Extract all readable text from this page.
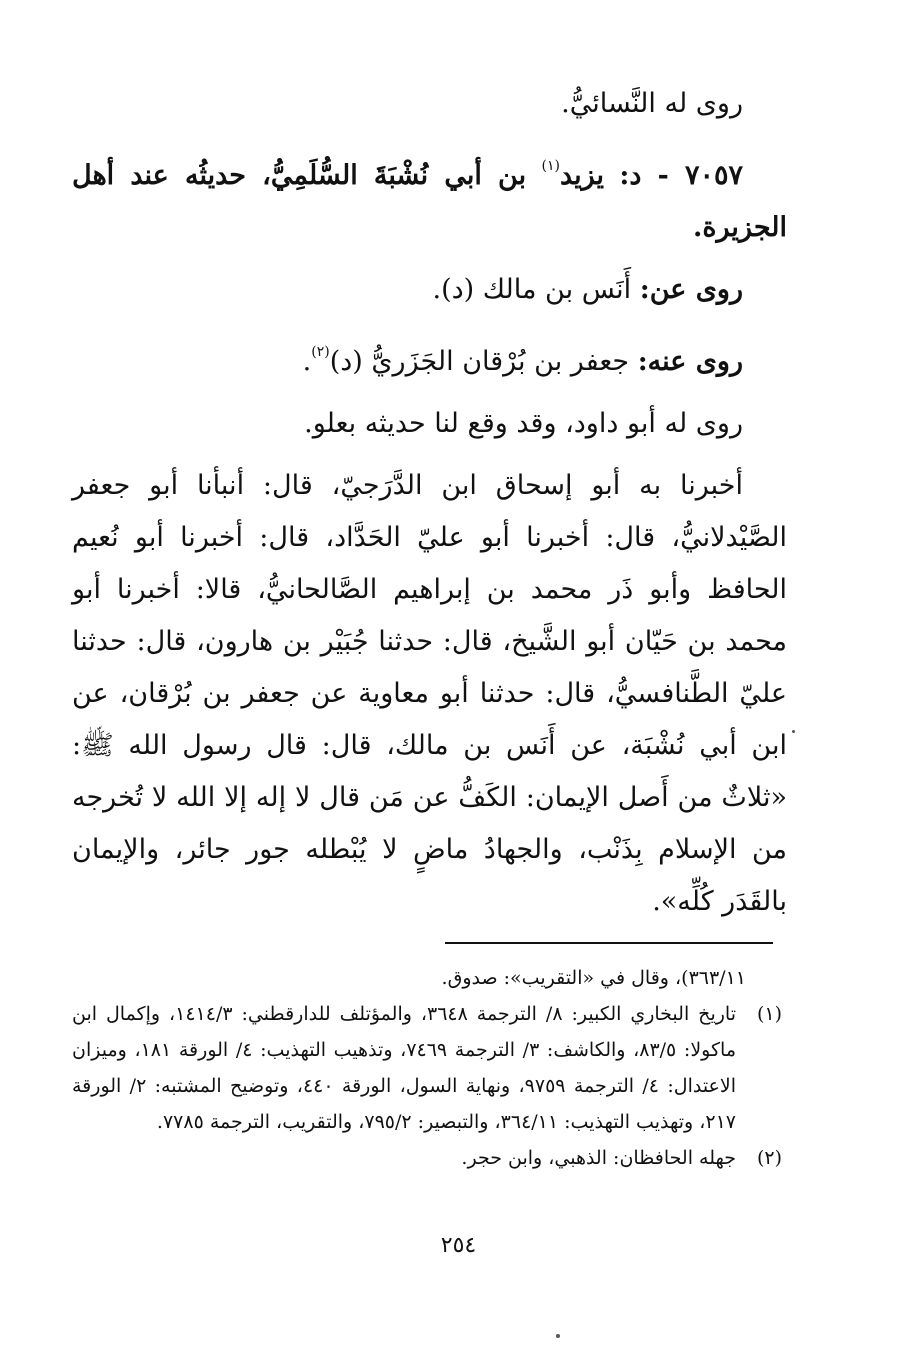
روى له النَّسائيُّ.

٧٠٥٧ - د: يزيد$^{(١)}$ بن أبي نُشْبَةَ السُّلَمِيُّ، حديثُه عند أهل الجزيرة.

روى عن: أَنَس بن مالك (د).

روى عنه: جعفر بن بُرْقان الجَزَريُّ (د)$^{(٢)}$.

روى له أبو داود، وقد وقع لنا حديثه بعلو.

أخبرنا به أبو إسحاق ابن الدَّرَجيّ، قال: أنبأنا أبو جعفر الصَّيْدلانيُّ، قال: أخبرنا أبو عليّ الحَدَّاد، قال: أخبرنا أبو نُعيم الحافظ وأبو ذَر محمد بن إبراهيم الصَّالحانيُّ، قالا: أخبرنا أبو محمد بن حَيّان أبو الشَّيخ، قال: حدثنا جُبَيْر بن هارون، قال: حدثنا عليّ الطَّنافسيُّ، قال: حدثنا أبو معاوية عن جعفر بن بُرْقان، عن ابن أبي نُشْبَة، عن أَنَس بن مالك، قال: قال رسول الله ﷺ: «ثلاثٌ من أَصل الإيمان: الكَفُّ عن مَن قال لا إله إلا الله لا تُخرجه من الإسلام بِذَنْب، والجهادُ ماضٍ لا يُبْطله جور جائر، والإيمان بالقَدَر كُلِّه».

٣٦٣/١١)، وقال في «التقريب»: صدوق.

(١)
تاريخ البخاري الكبير: ٨/ الترجمة ٣٦٤٨، والمؤتلف للدارقطني: ١٤١٤/٣، وإكمال ابن ماكولا: ٨٣/٥، والكاشف: ٣/ الترجمة ٧٤٦٩، وتذهيب التهذيب: ٤/ الورقة ١٨١، وميزان الاعتدال: ٤/ الترجمة ٩٧٥٩، ونهاية السول، الورقة ٤٤٠، وتوضيح المشتبه: ٢/ الورقة ٢١٧، وتهذيب التهذيب: ٣٦٤/١١، والتبصير: ٧٩٥/٢، والتقريب، الترجمة ٧٧٨٥.
(٢)
جهله الحافظان: الذهبي، وابن حجر.
٢٥٤
